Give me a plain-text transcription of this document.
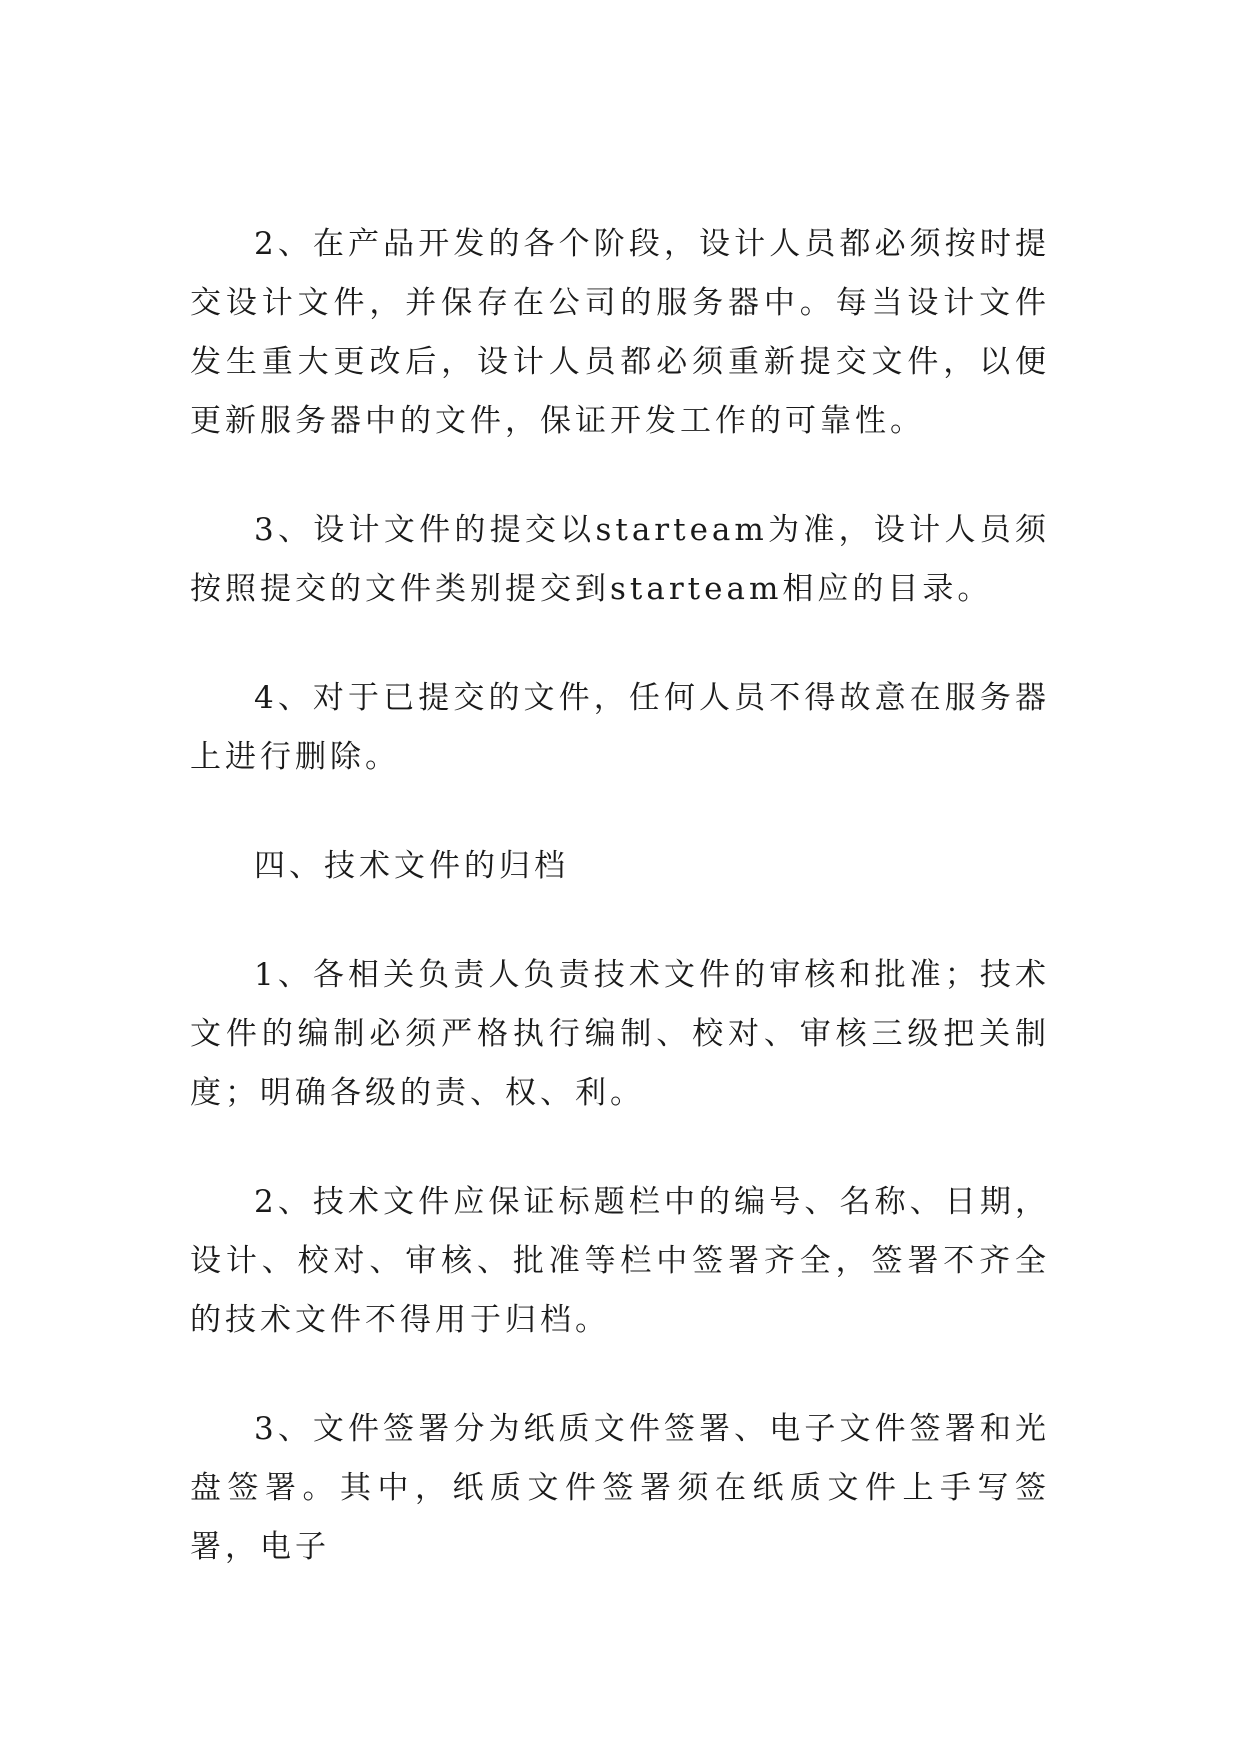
2、在产品开发的各个阶段，设计人员都必须按时提交设计文件，并保存在公司的服务器中。每当设计文件发生重大更改后，设计人员都必须重新提交文件，以便更新服务器中的文件，保证开发工作的可靠性。

3、设计文件的提交以starteam为准，设计人员须按照提交的文件类别提交到starteam相应的目录。

4、对于已提交的文件，任何人员不得故意在服务器上进行删除。

四、技术文件的归档

1、各相关负责人负责技术文件的审核和批准；技术文件的编制必须严格执行编制、校对、审核三级把关制度；明确各级的责、权、利。

2、技术文件应保证标题栏中的编号、名称、日期，设计、校对、审核、批准等栏中签署齐全，签署不齐全的技术文件不得用于归档。

3、文件签署分为纸质文件签署、电子文件签署和光盘签署。其中，纸质文件签署须在纸质文件上手写签署，电子
